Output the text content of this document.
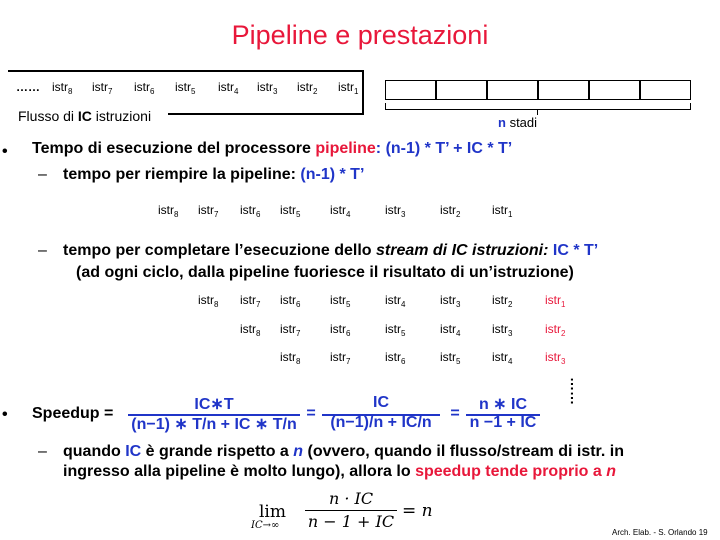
Pipeline e prestazioni
…… istr$_8$ istr$_7$ istr$_6$ istr$_5$ istr$_4$ istr$_3$ istr$_2$ istr$_1$
Flusso di IC istruzioni	n stadi
• Tempo di esecuzione del processore pipeline: (n-1) * T’ + IC * T’
– tempo per riempire la pipeline: (n-1) * T’
istr$_8$ istr$_7$ istr$_6$ istr$_5$ istr$_4$	istr$_3$	istr$_2$	istr$_1$
– tempo per completare l’esecuzione dello stream di IC istruzioni: IC * T’
(ad ogni ciclo, dalla pipeline fuoriesce il risultato di un’istruzione)
istr$_8$ istr$_7$ istr$_6$ istr$_5$	istr$_4$	istr$_3$	istr$_2$	istr$_1$
istr$_8$ istr$_7$ istr$_6$	istr$_5$	istr$_4$	istr$_3$	istr$_2$
istr$_8$ istr$_7$	istr$_6$	istr$_5$	istr$_4$	istr$_3$
……
• Speedup =
IC∗T
(n−1) ∗ T/n + IC ∗ T/n
=
IC
(n−1)/n + IC/n
=
n ∗ IC
n −1 + IC
– quando IC è grande rispetto a n (ovvero, quando il flusso/stream di istr. in
ingresso alla pipeline è molto lungo), allora lo speedup tende proprio a n
lim
IC→∞
n · IC
n − 1 + IC
= n
Arch. Elab. - S. Orlando 19
